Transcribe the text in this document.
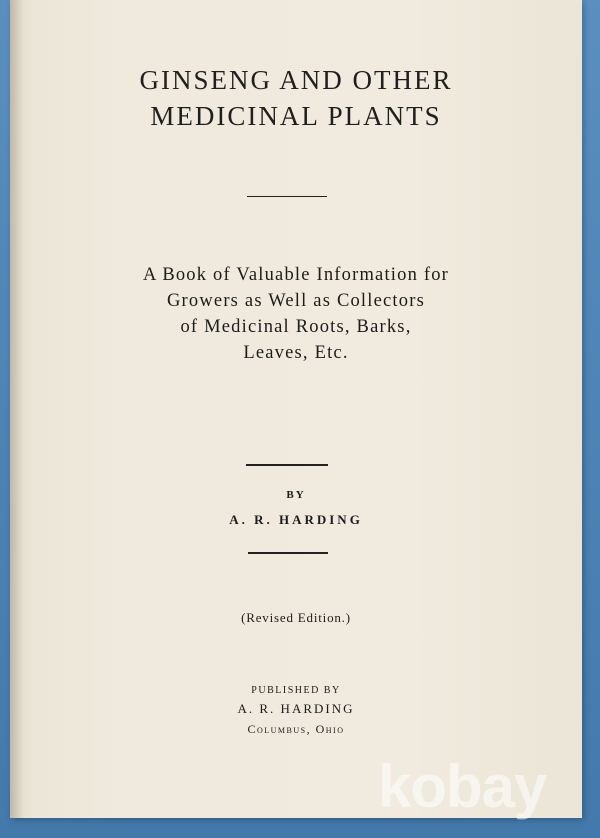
GINSENG AND OTHER
MEDICINAL PLANTS
A Book of Valuable Information for
Growers as Well as Collectors
of Medicinal Roots, Barks,
Leaves, Etc.
BY
A. R. HARDING
(Revised Edition.)
PUBLISHED BY
A. R. HARDING
Columbus, Ohio
kobay
